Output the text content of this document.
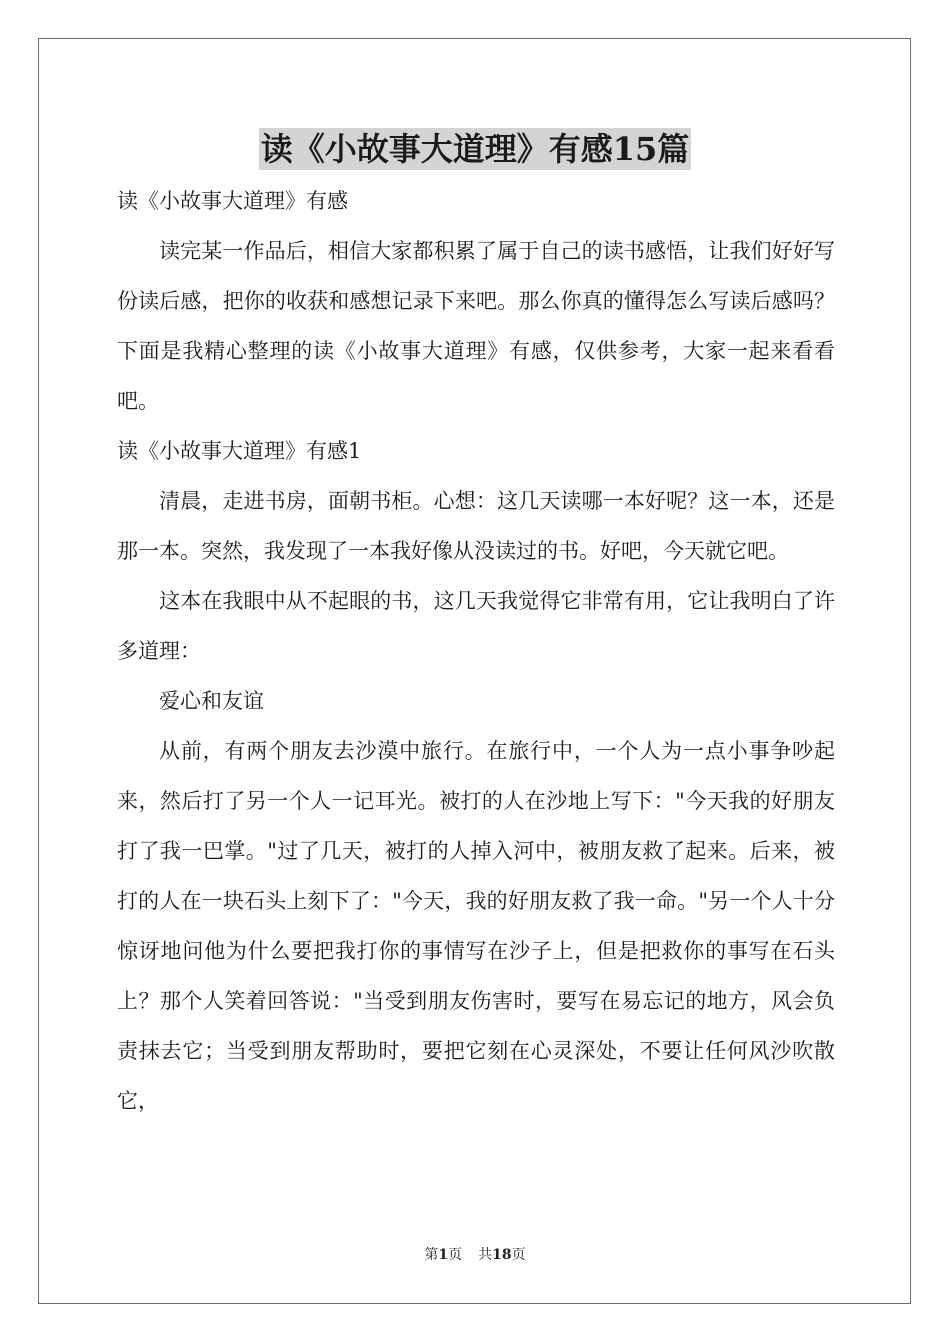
读《小故事大道理》有感15篇

读《小故事大道理》有感

读完某一作品后，相信大家都积累了属于自己的读书感悟，让我们好好写份读后感，把你的收获和感想记录下来吧。那么你真的懂得怎么写读后感吗？下面是我精心整理的读《小故事大道理》有感，仅供参考，大家一起来看看吧。

读《小故事大道理》有感1

清晨，走进书房，面朝书柜。心想：这几天读哪一本好呢？这一本，还是那一本。突然，我发现了一本我好像从没读过的书。好吧，今天就它吧。

这本在我眼中从不起眼的书，这几天我觉得它非常有用，它让我明白了许多道理：

爱心和友谊

从前，有两个朋友去沙漠中旅行。在旅行中，一个人为一点小事争吵起来，然后打了另一个人一记耳光。被打的人在沙地上写下："今天我的好朋友打了我一巴掌。"过了几天，被打的人掉入河中，被朋友救了起来。后来，被打的人在一块石头上刻下了："今天，我的好朋友救了我一命。"另一个人十分惊讶地问他为什么要把我打你的事情写在沙子上，但是把救你的事写在石头上？那个人笑着回答说："当受到朋友伤害时，要写在易忘记的地方，风会负责抹去它；当受到朋友帮助时，要把它刻在心灵深处，不要让任何风沙吹散它，

第1页 共18页
